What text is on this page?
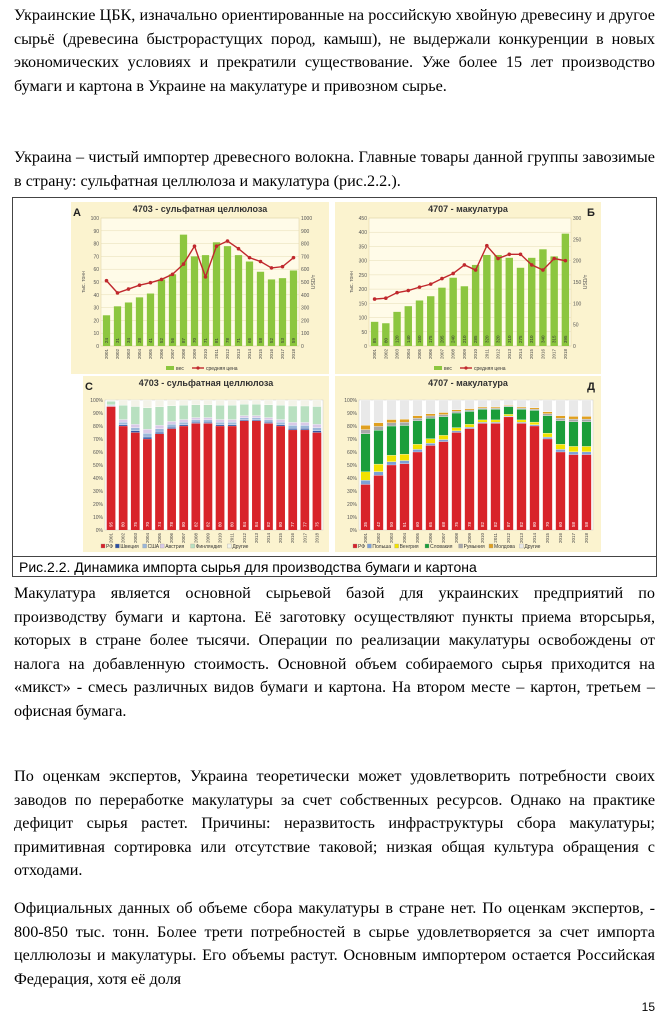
Украинские ЦБК, изначально ориентированные на российскую хвойную древесину и другое сырьё (древесина быстрорастущих пород, камыш), не выдержали конкуренции в новых экономических условиях и прекратили существование. Уже более 15 лет производство бумаги и картона в Украине на макулатуре и привозном сырье.

Украина – чистый импортер древесного волокна. Главные товары данной группы завозимые в страну: сульфатная целлюлоза и макулатура (рис.2.2.).

4703 - сульфатная целлюлоза
А
0
10
20
30
40
50
60
70
80
90
100
0
100
200
300
400
500
600
700
800
900
1000
тыс. тонн	USD/т
24
2001
31
2002
34
2003
38
2004
41
2005
52
2006
56
2007
87
2008
70
2009
71
2010
81
2011
78
2012
71
2013
66
2014
58
2015
52
2016
53
2017
59
2018
вес	средняя цена
4707 - макулатура	Б
0
50
100
150
200
250
300
350
400
450
0
50
100
150
200
250
300
тыс. тонн	USD/т
85
2001
80
2002
120
2003
140
2004
160
2005
175
2006
205
2007
240
2008
210
2009
285
2010
320
2011
320
2012
310
2013
275
2014
310
2015
340
2016
315
2017
395
2018
вес	средняя цена
4703 - сульфатная целлюлоза
С
0%
10%
20%
30%
40%
50%
60%
70%
80%
90%
100%
95
2001
80
2002
75
2003
70
2004
74
2005
78
2006
80
2007
82
2008
82
2009
80
2010
80
2011
84
2012
84
2013
82
2014
80
2015
77
2016
77
2017
75
2018
РФ Швеция США Австрия Финляндия Другие
4707 - макулатура	Д
0%
10%
20%
30%
40%
50%
60%
70%
80%
90%
100%
35
2001
42
2002
50
2003
51
2004
60
2005
65
2006
68
2007
75
2008
78
2009
82
2010
82
2011
87
2012
82
2013
80
2014
70
2015
60
2016
58
2017
58
2018
РФ Польша Венгрия Словакия Румыния Молдова Другие
Рис.2.2. Динамика импорта сырья для производства бумаги и картона

Макулатура является основной сырьевой базой для украинских предприятий по производству бумаги и картона. Её заготовку осуществляют пункты приема вторсырья, которых в стране более тысячи. Операции по реализации макулатуры освобождены от налога на добавленную стоимость. Основной объем собираемого сырья приходится на «микст» - смесь различных видов бумаги и картона. На втором месте – картон, третьем – офисная бумага.

По оценкам экспертов, Украина теоретически может удовлетворить потребности своих заводов по переработке макулатуры за счет собственных ресурсов. Однако на практике дефицит сырья растет. Причины: неразвитость инфраструктуры сбора макулатуры; примитивная сортировка или отсутствие таковой; низкая общая культура обращения с отходами.

Официальных данных об объеме сбора макулатуры в стране нет. По оценкам экспертов, - 800-850 тыс. тонн. Более трети потребностей в сырье удовлетворяется за счет импорта целлюлозы и макулатуры. Его объемы растут. Основным импортером остается Российская Федерация, хотя её доля

15
